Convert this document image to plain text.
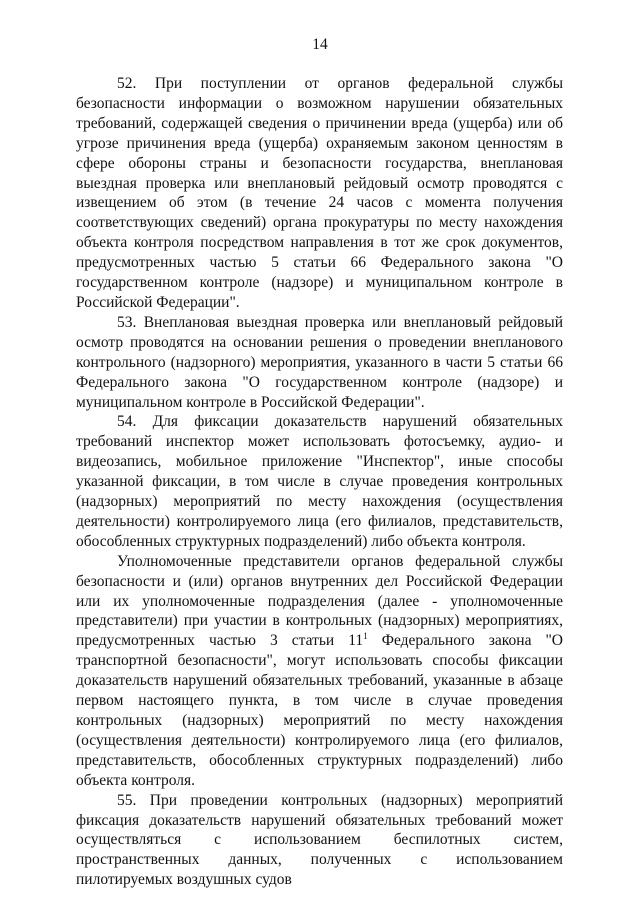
14

52. При поступлении от органов федеральной службы безопасности информации о возможном нарушении обязательных требований, содержащей сведения о причинении вреда (ущерба) или об угрозе причинения вреда (ущерба) охраняемым законом ценностям в сфере обороны страны и безопасности государства, внеплановая выездная проверка или внеплановый рейдовый осмотр проводятся с извещением об этом (в течение 24 часов с момента получения соответствующих сведений) органа прокуратуры по месту нахождения объекта контроля посредством направления в тот же срок документов, предусмотренных частью 5 статьи 66 Федерального закона "О государственном контроле (надзоре) и муниципальном контроле в Российской Федерации".

53. Внеплановая выездная проверка или внеплановый рейдовый осмотр проводятся на основании решения о проведении внепланового контрольного (надзорного) мероприятия, указанного в части 5 статьи 66 Федерального закона "О государственном контроле (надзоре) и муниципальном контроле в Российской Федерации".

54. Для фиксации доказательств нарушений обязательных требований инспектор может использовать фотосъемку, аудио- и видеозапись, мобильное приложение "Инспектор", иные способы указанной фиксации, в том числе в случае проведения контрольных (надзорных) мероприятий по месту нахождения (осуществления деятельности) контролируемого лица (его филиалов, представительств, обособленных структурных подразделений) либо объекта контроля.

Уполномоченные представители органов федеральной службы безопасности и (или) органов внутренних дел Российской Федерации или их уполномоченные подразделения (далее - уполномоченные представители) при участии в контрольных (надзорных) мероприятиях, предусмотренных частью 3 статьи $11^1$ Федерального закона "О транспортной безопасности", могут использовать способы фиксации доказательств нарушений обязательных требований, указанные в абзаце первом настоящего пункта, в том числе в случае проведения контрольных (надзорных) мероприятий по месту нахождения (осуществления деятельности) контролируемого лица (его филиалов, представительств, обособленных структурных подразделений) либо объекта контроля.

55. При проведении контрольных (надзорных) мероприятий фиксация доказательств нарушений обязательных требований может осуществляться с использованием беспилотных систем, пространственных данных, полученных с использованием пилотируемых воздушных судов
